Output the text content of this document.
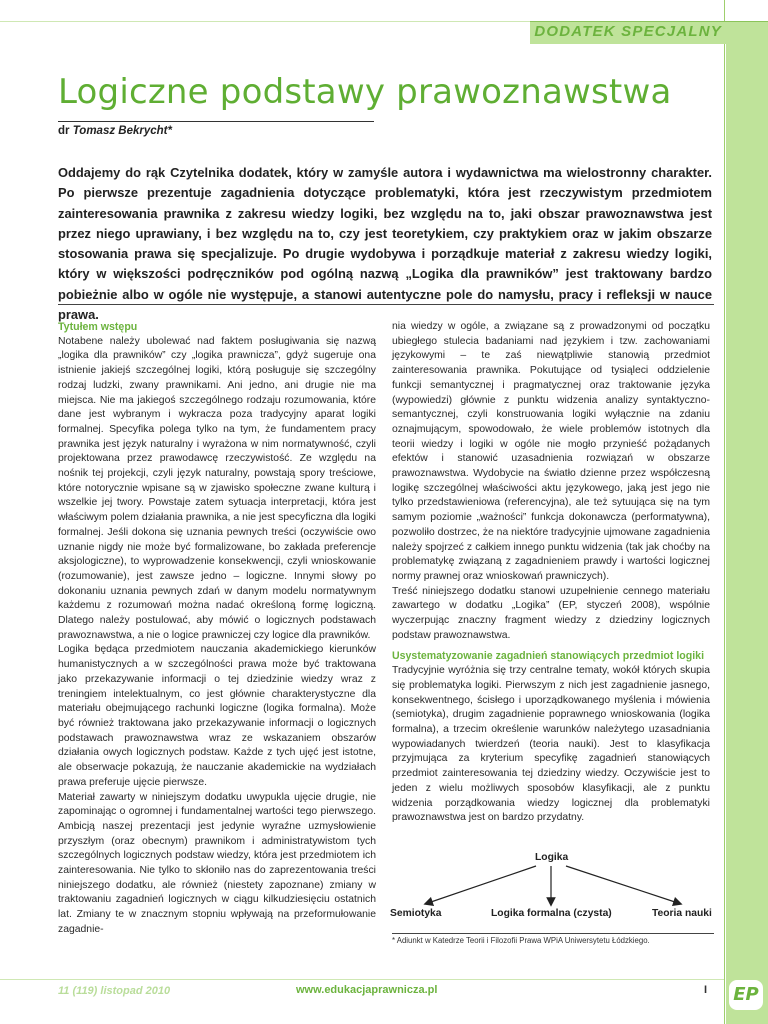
DODATEK SPECJALNY
Logiczne podstawy prawoznawstwa
dr Tomasz Bekrycht*

Oddajemy do rąk Czytelnika dodatek, który w zamyśle autora i wydawnictwa ma wielostronny charakter. Po pierwsze prezentuje zagadnienia dotyczące problematyki, która jest rzeczywistym przedmiotem zainteresowania prawnika z zakresu wiedzy logiki, bez względu na to, jaki obszar prawoznawstwa jest przez niego uprawiany, i bez względu na to, czy jest teoretykiem, czy praktykiem oraz w jakim obszarze stosowania prawa się specjalizuje. Po drugie wydobywa i porządkuje materiał z zakresu wiedzy logiki, który w większości podręczników pod ogólną nazwą „Logika dla prawników” jest traktowany bardzo pobieżnie albo w ogóle nie występuje, a stanowi autentyczne pole do namysłu, pracy i refleksji w nauce prawa.

Tytułem wstępu

Notabene należy ubolewać nad faktem posługiwania się nazwą „logika dla prawników” czy „logika prawnicza”, gdyż sugeruje ona istnienie jakiejś szczególnej logiki, którą posługuje się szczególny rodzaj ludzki, zwany prawnikami. Ani jedno, ani drugie nie ma miejsca. Nie ma jakiegoś szczególnego rodzaju rozumowania, które dane jest wybranym i wykracza poza tradycyjny aparat logiki formalnej. Specyfika polega tylko na tym, że fundamentem pracy prawnika jest język naturalny i wyrażona w nim normatywność, czyli projektowana przez prawodawcę rzeczywistość. Ze względu na nośnik tej projekcji, czyli język naturalny, powstają spory treściowe, które notorycznie wpisane są w zjawisko społeczne zwane kulturą i wszelkie jej twory. Powstaje zatem sytuacja interpretacji, która jest właściwym polem działania prawnika, a nie jest specyficzna dla logiki formalnej. Jeśli dokona się uznania pewnych treści (oczywiście owo uznanie nigdy nie może być formalizowane, bo zakłada preferencje aksjologiczne), to wyprowadzenie konsekwencji, czyli wnioskowanie (rozumowanie), jest zawsze jedno – logiczne. Innymi słowy po dokonaniu uznania pewnych zdań w danym modelu normatywnym każdemu z rozumowań można nadać określoną formę logiczną. Dlatego należy postulować, aby mówić o logicznych podstawach prawoznawstwa, a nie o logice prawniczej czy logice dla prawników.

Logika będąca przedmiotem nauczania akademickiego kierunków humanistycznych a w szczególności prawa może być traktowana jako przekazywanie informacji o tej dziedzinie wiedzy wraz z treningiem intelektualnym, co jest głównie charakterystyczne dla materiału obejmującego rachunki logiczne (logika formalna). Może być również traktowana jako przekazywanie informacji o logicznych podstawach prawoznawstwa wraz ze wskazaniem obszarów działania owych logicznych podstaw. Każde z tych ujęć jest istotne, ale obserwacje pokazują, że nauczanie akademickie na wydziałach prawa preferuje ujęcie pierwsze.

Materiał zawarty w niniejszym dodatku uwypukla ujęcie drugie, nie zapominając o ogromnej i fundamentalnej wartości tego pierwszego. Ambicją naszej prezentacji jest jedynie wyraźne uzmysłowienie przyszłym (oraz obecnym) prawnikom i administratywistom tych szczególnych logicznych podstaw wiedzy, która jest przedmiotem ich zainteresowania. Nie tylko to skłoniło nas do zaprezentowania treści niniejszego dodatku, ale również (niestety zapoznane) zmiany w traktowaniu zagadnień logicznych w ciągu kilkudziesięciu ostatnich lat. Zmiany te w znacznym stopniu wpływają na przeformułowanie zagadnie-

nia wiedzy w ogóle, a związane są z prowadzonymi od początku ubiegłego stulecia badaniami nad językiem i tzw. zachowaniami językowymi – te zaś niewątpliwie stanowią przedmiot zainteresowania prawnika. Pokutujące od tysiąleci oddzielenie funkcji semantycznej i pragmatycznej oraz traktowanie języka (wypowiedzi) głównie z punktu widzenia analizy syntaktyczno-semantycznej, czyli konstruowania logiki wyłącznie na zdaniu oznajmującym, spowodowało, że wiele problemów istotnych dla teorii wiedzy i logiki w ogóle nie mogło przynieść pożądanych efektów i stanowić uzasadnienia rozwiązań w obszarze prawoznawstwa. Wydobycie na światło dzienne przez współczesną logikę szczególnej właściwości aktu językowego, jaką jest jego nie tylko przedstawieniowa (referencyjna), ale też sytuująca się na tym samym poziomie „ważności” funkcja dokonawcza (performatywna), pozwoliło dostrzec, że na niektóre tradycyjnie ujmowane zagadnienia należy spojrzeć z całkiem innego punktu widzenia (tak jak choćby na problematykę związaną z zagadnieniem prawdy i wartości logicznej normy prawnej oraz wnioskowań prawniczych).

Treść niniejszego dodatku stanowi uzupełnienie cennego materiału zawartego w dodatku „Logika” (EP, styczeń 2008), wspólnie wyczerpując znaczny fragment wiedzy z dziedziny logicznych podstaw prawoznawstwa.

Usystematyzowanie zagadnień stanowiących przedmiot logiki

Tradycyjnie wyróżnia się trzy centralne tematy, wokół których skupia się problematyka logiki. Pierwszym z nich jest zagadnienie jasnego, konsekwentnego, ścisłego i uporządkowanego myślenia i mówienia (semiotyka), drugim zagadnienie poprawnego wnioskowania (logika formalna), a trzecim określenie warunków należytego uzasadniania wypowiadanych twierdzeń (teoria nauki). Jest to klasyfikacja przyjmująca za kryterium specyfikę zagadnień stanowiących przedmiot zainteresowania tej dziedziny wiedzy. Oczywiście jest to jeden z wielu możliwych sposobów klasyfikacji, ale z punktu widzenia porządkowania wiedzy logicznej dla problematyki prawoznawstwa jest on bardzo przydatny.

Logika
Semiotyka	Logika formalna (czysta)	Teoria nauki
* Adiunkt w Katedrze Teorii i Filozofii Prawa WPiA Uniwersytetu Łódzkiego.
11 (119) listopad 2010	www.edukacjaprawnicza.pl	I EP
